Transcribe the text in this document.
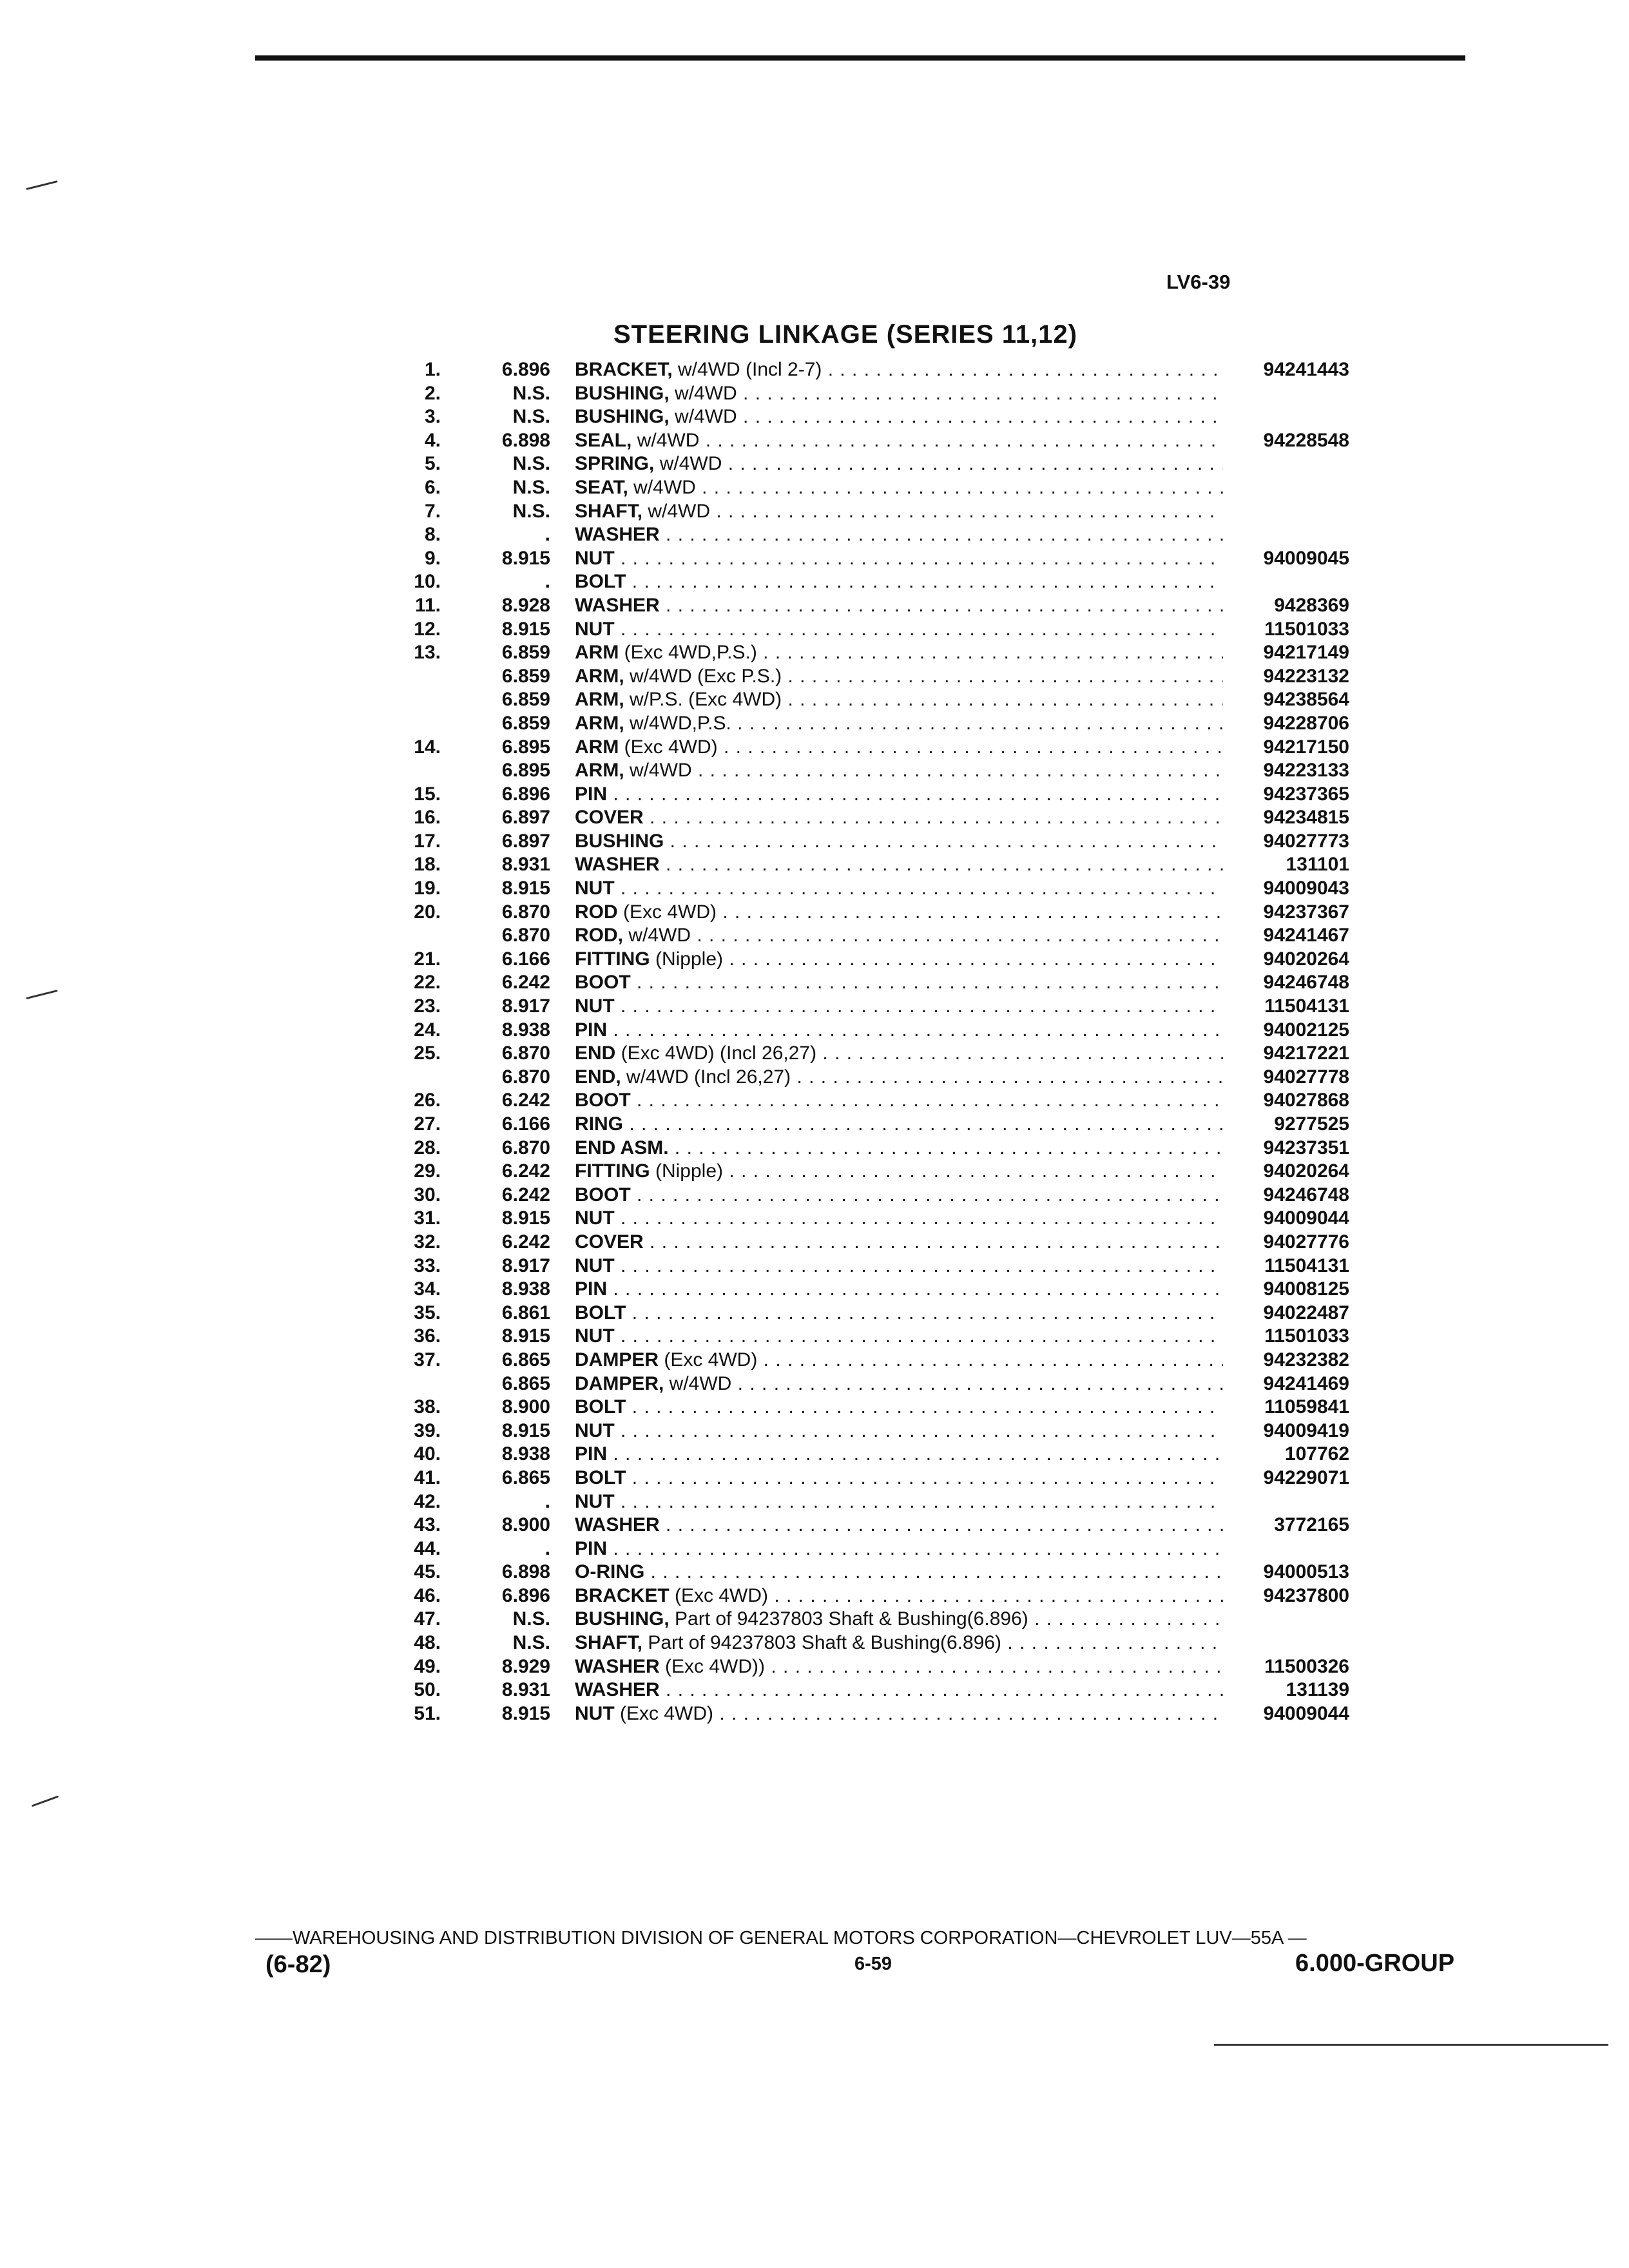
LV6-39
STEERING LINKAGE (SERIES 11,12)
1.	6.896 BRACKET, w/4WD (Incl 2-7) . . .	94241443
2.	N.S. BUSHING, w/4WD . . .
3.	N.S. BUSHING, w/4WD . . .
4.	6.898 SEAL, w/4WD . . .	94228548
5.	N.S. SPRING, w/4WD . . .
6.	N.S. SEAT, w/4WD . . .
7.	N.S. SHAFT, w/4WD . . .
8.	. WASHER . . .
9.	8.915 NUT . . .	94009045
10.	. BOLT . . .
11.	8.928 WASHER . . .	9428369
12.	8.915 NUT . . .	11501033
13.	6.859 ARM (Exc 4WD,P.S.) . . .	94217149
6.859 ARM, w/4WD (Exc P.S.) . . .	94223132
6.859 ARM, w/P.S. (Exc 4WD) . . .	94238564
6.859 ARM, w/4WD,P.S. . . .	94228706
14.	6.895 ARM (Exc 4WD) . . .	94217150
6.895 ARM, w/4WD . . .	94223133
15.	6.896 PIN . . .	94237365
16.	6.897 COVER . . .	94234815
17.	6.897 BUSHING . . .	94027773
18.	8.931 WASHER . . .	131101
19.	8.915 NUT . . .	94009043
20.	6.870 ROD (Exc 4WD) . . .	94237367
6.870 ROD, w/4WD . . .	94241467
21.	6.166 FITTING (Nipple) . . .	94020264
22.	6.242 BOOT . . .	94246748
23.	8.917 NUT . . .	11504131
24.	8.938 PIN . . .	94002125
25.	6.870 END (Exc 4WD) (Incl 26,27) . . .	94217221
6.870 END, w/4WD (Incl 26,27) . . .	94027778
26.	6.242 BOOT . . .	94027868
27.	6.166 RING . . .	9277525
28.	6.870 END ASM. . . .	94237351
29.	6.242 FITTING (Nipple) . . .	94020264
30.	6.242 BOOT . . .	94246748
31.	8.915 NUT . . .	94009044
32.	6.242 COVER . . .	94027776
33.	8.917 NUT . . .	11504131
34.	8.938 PIN . . .	94008125
35.	6.861 BOLT . . .	94022487
36.	8.915 NUT . . .	11501033
37.	6.865 DAMPER (Exc 4WD) . . .	94232382
6.865 DAMPER, w/4WD . . .	94241469
38.	8.900 BOLT . . .	11059841
39.	8.915 NUT . . .	94009419
40.	8.938 PIN . . .	107762
41.	6.865 BOLT . . .	94229071
42.	. NUT . . .
43.	8.900 WASHER . . .	3772165
44.	. PIN . . .
45.	6.898 O-RING . . .	94000513
46.	6.896 BRACKET (Exc 4WD) . . .	94237800
47.	N.S. BUSHING, Part of 94237803 Shaft & Bushing(6.896) . . .
48.	N.S. SHAFT, Part of 94237803 Shaft & Bushing(6.896) . . .
49.	8.929 WASHER (Exc 4WD)) . . .	11500326
50.	8.931 WASHER . . .	131139
51.	8.915 NUT (Exc 4WD) . . .	94009044
——WAREHOUSING AND DISTRIBUTION DIVISION OF GENERAL MOTORS CORPORATION—CHEVROLET LUV—55A —
(6-82)	6-59	6.000-GROUP
